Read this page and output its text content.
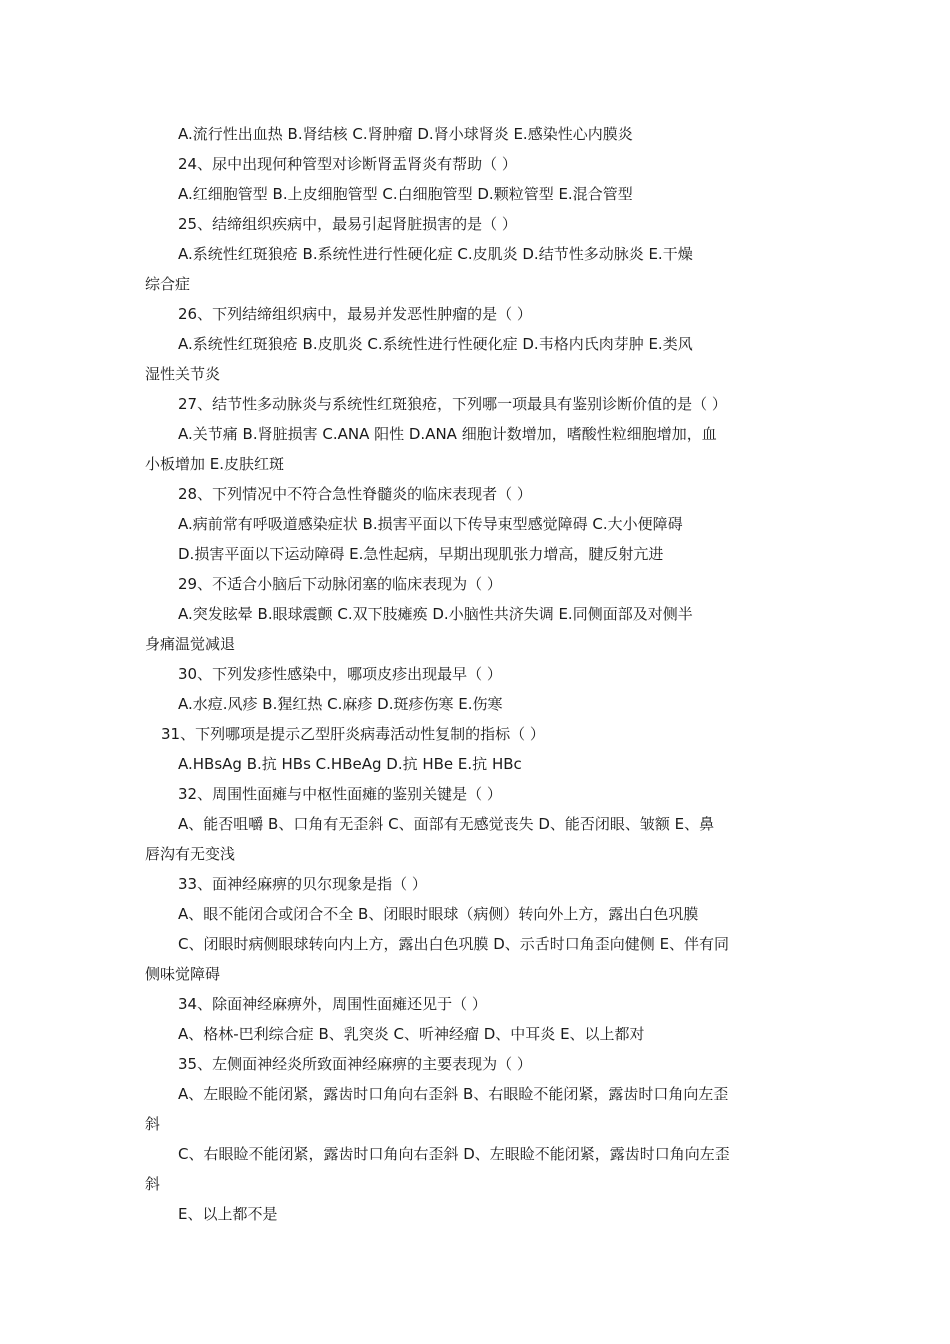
A.流行性出血热 B.肾结核 C.肾肿瘤 D.肾小球肾炎 E.感染性心内膜炎
24、尿中出现何种管型对诊断肾盂肾炎有帮助（ ）
A.红细胞管型 B.上皮细胞管型 C.白细胞管型 D.颗粒管型 E.混合管型
25、结缔组织疾病中，最易引起肾脏损害的是（ ）
A.系统性红斑狼疮 B.系统性进行性硬化症 C.皮肌炎 D.结节性多动脉炎 E.干燥
综合症
26、下列结缔组织病中，最易并发恶性肿瘤的是（ ）
A.系统性红斑狼疮 B.皮肌炎 C.系统性进行性硬化症 D.韦格内氏肉芽肿 E.类风
湿性关节炎
27、结节性多动脉炎与系统性红斑狼疮，下列哪一项最具有鉴别诊断价值的是（ ）
A.关节痛 B.肾脏损害 C.ANA 阳性 D.ANA 细胞计数增加，嗜酸性粒细胞增加，血
小板增加 E.皮肤红斑
28、下列情况中不符合急性脊髓炎的临床表现者（ ）
A.病前常有呼吸道感染症状 B.损害平面以下传导束型感觉障碍 C.大小便障碍
D.损害平面以下运动障碍 E.急性起病，早期出现肌张力增高，腱反射亢进
29、不适合小脑后下动脉闭塞的临床表现为（ ）
A.突发眩晕 B.眼球震颤 C.双下肢瘫痪 D.小脑性共济失调 E.同侧面部及对侧半
身痛温觉减退
30、下列发疹性感染中，哪项皮疹出现最早（ ）
A.水痘.风疹 B.猩红热 C.麻疹 D.斑疹伤寒 E.伤寒
31、下列哪项是提示乙型肝炎病毒活动性复制的指标（ ）
A.HBsAg B.抗 HBs C.HBeAg D.抗 HBe E.抗 HBc
32、周围性面瘫与中枢性面瘫的鉴别关键是（ ）
A、能否咀嚼 B、口角有无歪斜 C、面部有无感觉丧失 D、能否闭眼、皱额 E、鼻
唇沟有无变浅
33、面神经麻痹的贝尔现象是指（ ）
A、眼不能闭合或闭合不全 B、闭眼时眼球（病侧）转向外上方，露出白色巩膜
C、闭眼时病侧眼球转向内上方，露出白色巩膜 D、示舌时口角歪向健侧 E、伴有同
侧味觉障碍
34、除面神经麻痹外，周围性面瘫还见于（ ）
A、格林-巴利综合症 B、乳突炎 C、听神经瘤 D、中耳炎 E、以上都对
35、左侧面神经炎所致面神经麻痹的主要表现为（ ）
A、左眼睑不能闭紧，露齿时口角向右歪斜 B、右眼睑不能闭紧，露齿时口角向左歪
斜
C、右眼睑不能闭紧，露齿时口角向右歪斜 D、左眼睑不能闭紧，露齿时口角向左歪
斜
E、以上都不是
